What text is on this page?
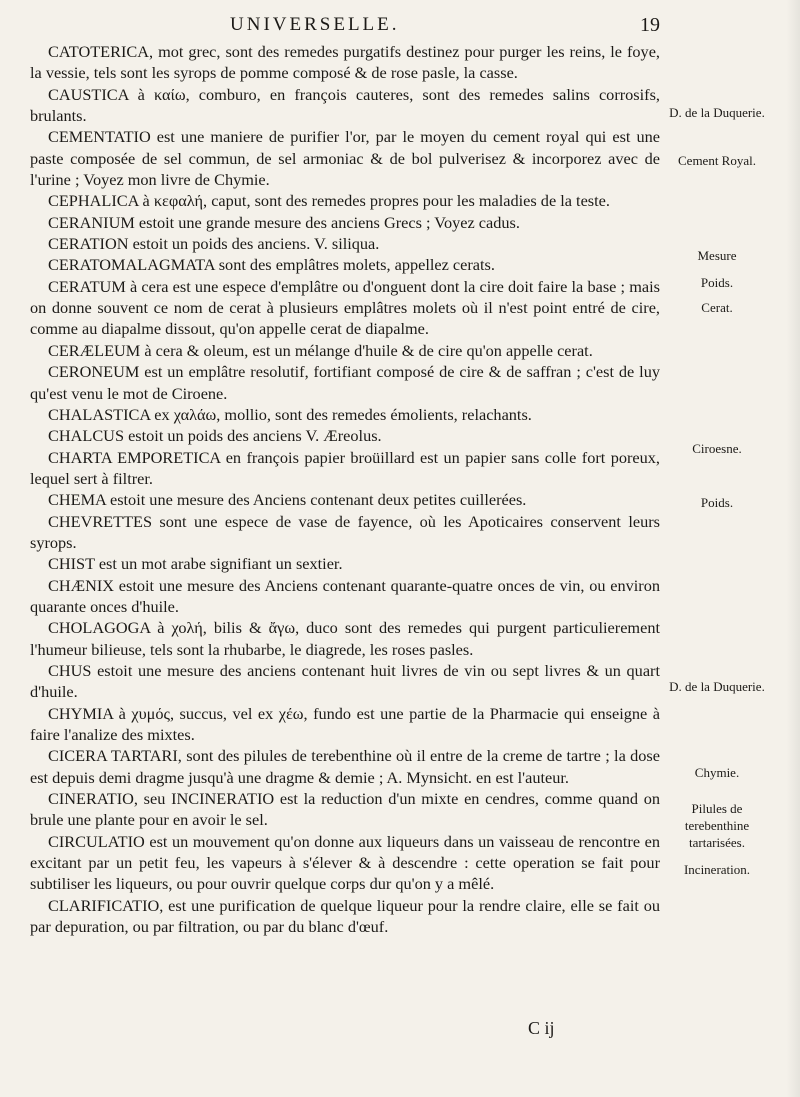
UNIVERSELLE.	19

CATOTERICA, mot grec, sont des remedes purgatifs destinez pour purger les reins, le foye, la vessie, tels sont les syrops de pomme composé & de rose pasle, la casse.

CAUSTICA à καίω, comburo, en françois cauteres, sont des remedes salins corrosifs, brulants.

CEMENTATIO est une maniere de purifier l'or, par le moyen du cement royal qui est une paste composée de sel commun, de sel armoniac & de bol pulverisez & incorporez avec de l'urine ; Voyez mon livre de Chymie.

CEPHALICA à κεφαλή, caput, sont des remedes propres pour les maladies de la teste.

CERANIUM estoit une grande mesure des anciens Grecs ; Voyez cadus.

CERATION estoit un poids des anciens. V. siliqua.

CERATOMALAGMATA sont des emplâtres molets, appellez cerats.

CERATUM à cera est une espece d'emplâtre ou d'onguent dont la cire doit faire la base ; mais on donne souvent ce nom de cerat à plusieurs emplâtres molets où il n'est point entré de cire, comme au diapalme dissout, qu'on appelle cerat de diapalme.

CERÆLEUM à cera & oleum, est un mélange d'huile & de cire qu'on appelle cerat.

CERONEUM est un emplâtre resolutif, fortifiant composé de cire & de saffran ; c'est de luy qu'est venu le mot de Ciroene.

CHALASTICA ex χαλάω, mollio, sont des remedes émolients, relachants.

CHALCUS estoit un poids des anciens V. Æreolus.

CHARTA EMPORETICA en françois papier broüillard est un papier sans colle fort poreux, lequel sert à filtrer.

CHEMA estoit une mesure des Anciens contenant deux petites cuillerées.

CHEVRETTES sont une espece de vase de fayence, où les Apoticaires conservent leurs syrops.

CHIST est un mot arabe signifiant un sextier.

CHÆNIX estoit une mesure des Anciens contenant quarante-quatre onces de vin, ou environ quarante onces d'huile.

CHOLAGOGA à χολή, bilis & ἄγω, duco sont des remedes qui purgent particulierement l'humeur bilieuse, tels sont la rhubarbe, le diagrede, les roses pasles.

CHUS estoit une mesure des anciens contenant huit livres de vin ou sept livres & un quart d'huile.

CHYMIA à χυμός, succus, vel ex χέω, fundo est une partie de la Pharmacie qui enseigne à faire l'analize des mixtes.

CICERA TARTARI, sont des pilules de terebenthine où il entre de la creme de tartre ; la dose est depuis demi dragme jusqu'à une dragme & demie ; A. Mynsicht. en est l'auteur.

CINERATIO, seu INCINERATIO est la reduction d'un mixte en cendres, comme quand on brule une plante pour en avoir le sel.

CIRCULATIO est un mouvement qu'on donne aux liqueurs dans un vaisseau de rencontre en excitant par un petit feu, les vapeurs à s'élever & à descendre : cette operation se fait pour subtiliser les liqueurs, ou pour ouvrir quelque corps dur qu'on y a mêlé.

CLARIFICATIO, est une purification de quelque liqueur pour la rendre claire, elle se fait ou par depuration, ou par filtration, ou par du blanc d'œuf.

D. de la Duquerie.
Cement Royal.
Mesure
Poids.
Cerat.
Ciroesne.
Poids.
D. de la Duquerie.
Chymie.
Pilules de terebenthine tartarisées.
Incineration.
C ij
